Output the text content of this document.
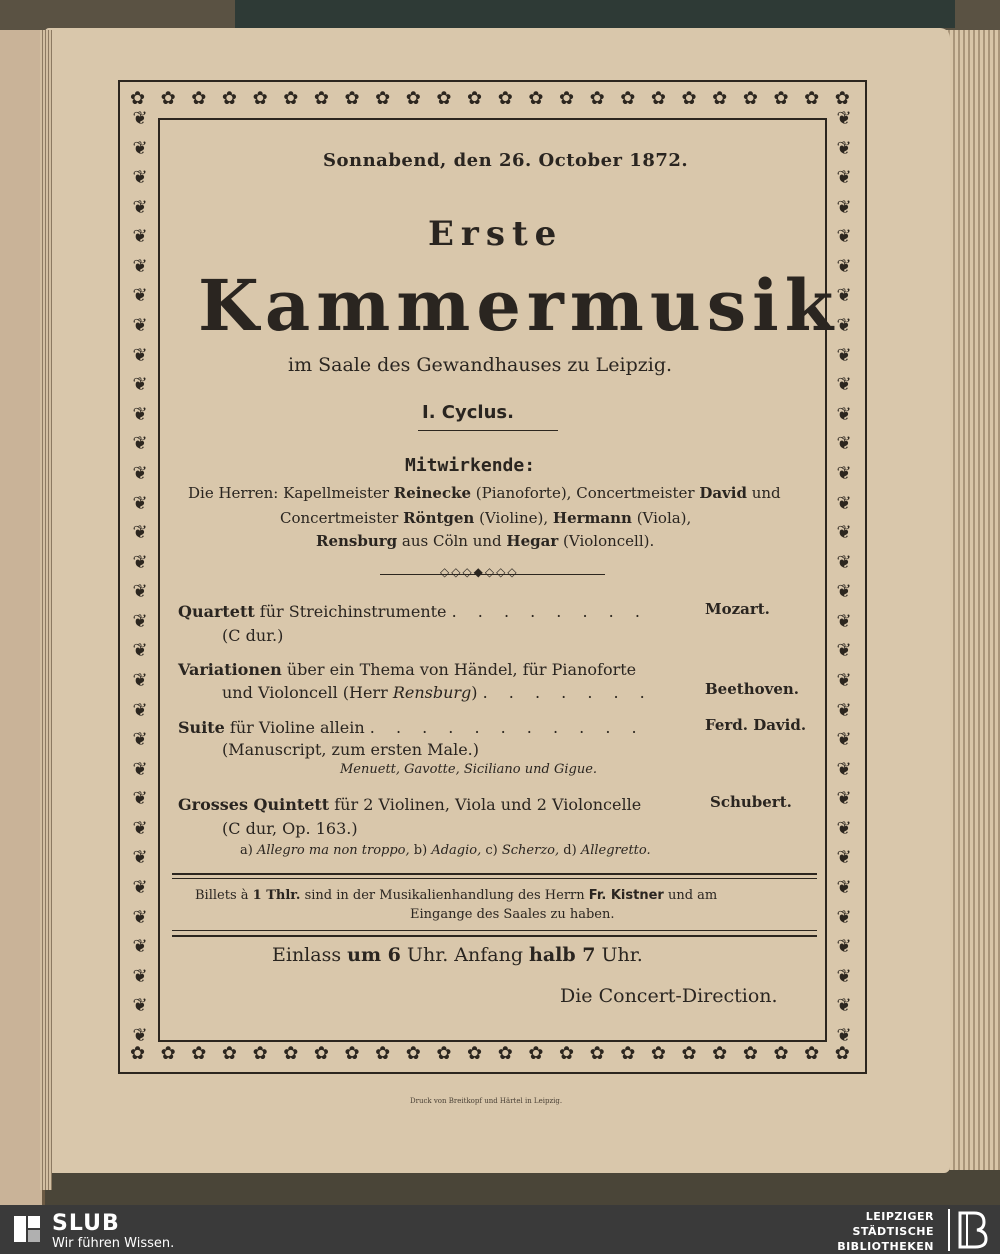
✿ ✿ ✿ ✿ ✿ ✿ ✿ ✿ ✿ ✿ ✿ ✿ ✿ ✿ ✿ ✿ ✿ ✿ ✿ ✿ ✿ ✿ ✿ ✿
✿ ✿ ✿ ✿ ✿ ✿ ✿ ✿ ✿ ✿ ✿ ✿ ✿ ✿ ✿ ✿ ✿ ✿ ✿ ✿ ✿ ✿ ✿ ✿
❦
❦
❦
❦
❦
❦
❦
❦
❦
❦
❦
❦
❦
❦
❦
❦
❦
❦
❦
❦
❦
❦
❦
❦
❦
❦
❦
❦
❦
❦
❦
❦
❦
❦
❦
❦
❦
❦
❦
❦
❦
❦
❦
❦
❦
❦
❦
❦
❦
❦
❦
❦
❦
❦
❦
❦
❦
❦
❦
❦
❦
❦
❦
❦
Sonnabend, den 26. October 1872.
Erste
Kammermusik
im Saale des Gewandhauses zu Leipzig.
I. Cyclus.
Mitwirkende:
Die Herren: Kapellmeister Reinecke (Pianoforte), Concertmeister David und
Concertmeister Röntgen (Violine), Hermann (Viola),
Rensburg aus Cöln und Hegar (Violoncell).
◇◇◇◆◇◇◇
Quartett für Streichinstrumente . . . . . . . .
(C dur.)
Mozart.
Variationen über ein Thema von Händel, für Pianoforte
und Violoncell (Herr Rensburg) . . . . . . .	Beethoven.
Suite für Violine allein . . . . . . . . . . .
(Manuscript, zum ersten Male.)
Menuett, Gavotte, Siciliano und Gigue.
Ferd. David.
Grosses Quintett für 2 Violinen, Viola und 2 Violoncelle
(C dur, Op. 163.)
a) Allegro ma non troppo, b) Adagio, c) Scherzo, d) Allegretto.
Schubert.
Billets à 1 Thlr. sind in der Musikalienhandlung des Herrn Fr. Kistner und am
Eingange des Saales zu haben.
Einlass um 6 Uhr. Anfang halb 7 Uhr.
Die Concert-Direction.
Druck von Breitkopf und Härtel in Leipzig.
SLUB
Wir führen Wissen.
LEIPZIGER
STÄDTISCHE
BIBLIOTHEKEN
